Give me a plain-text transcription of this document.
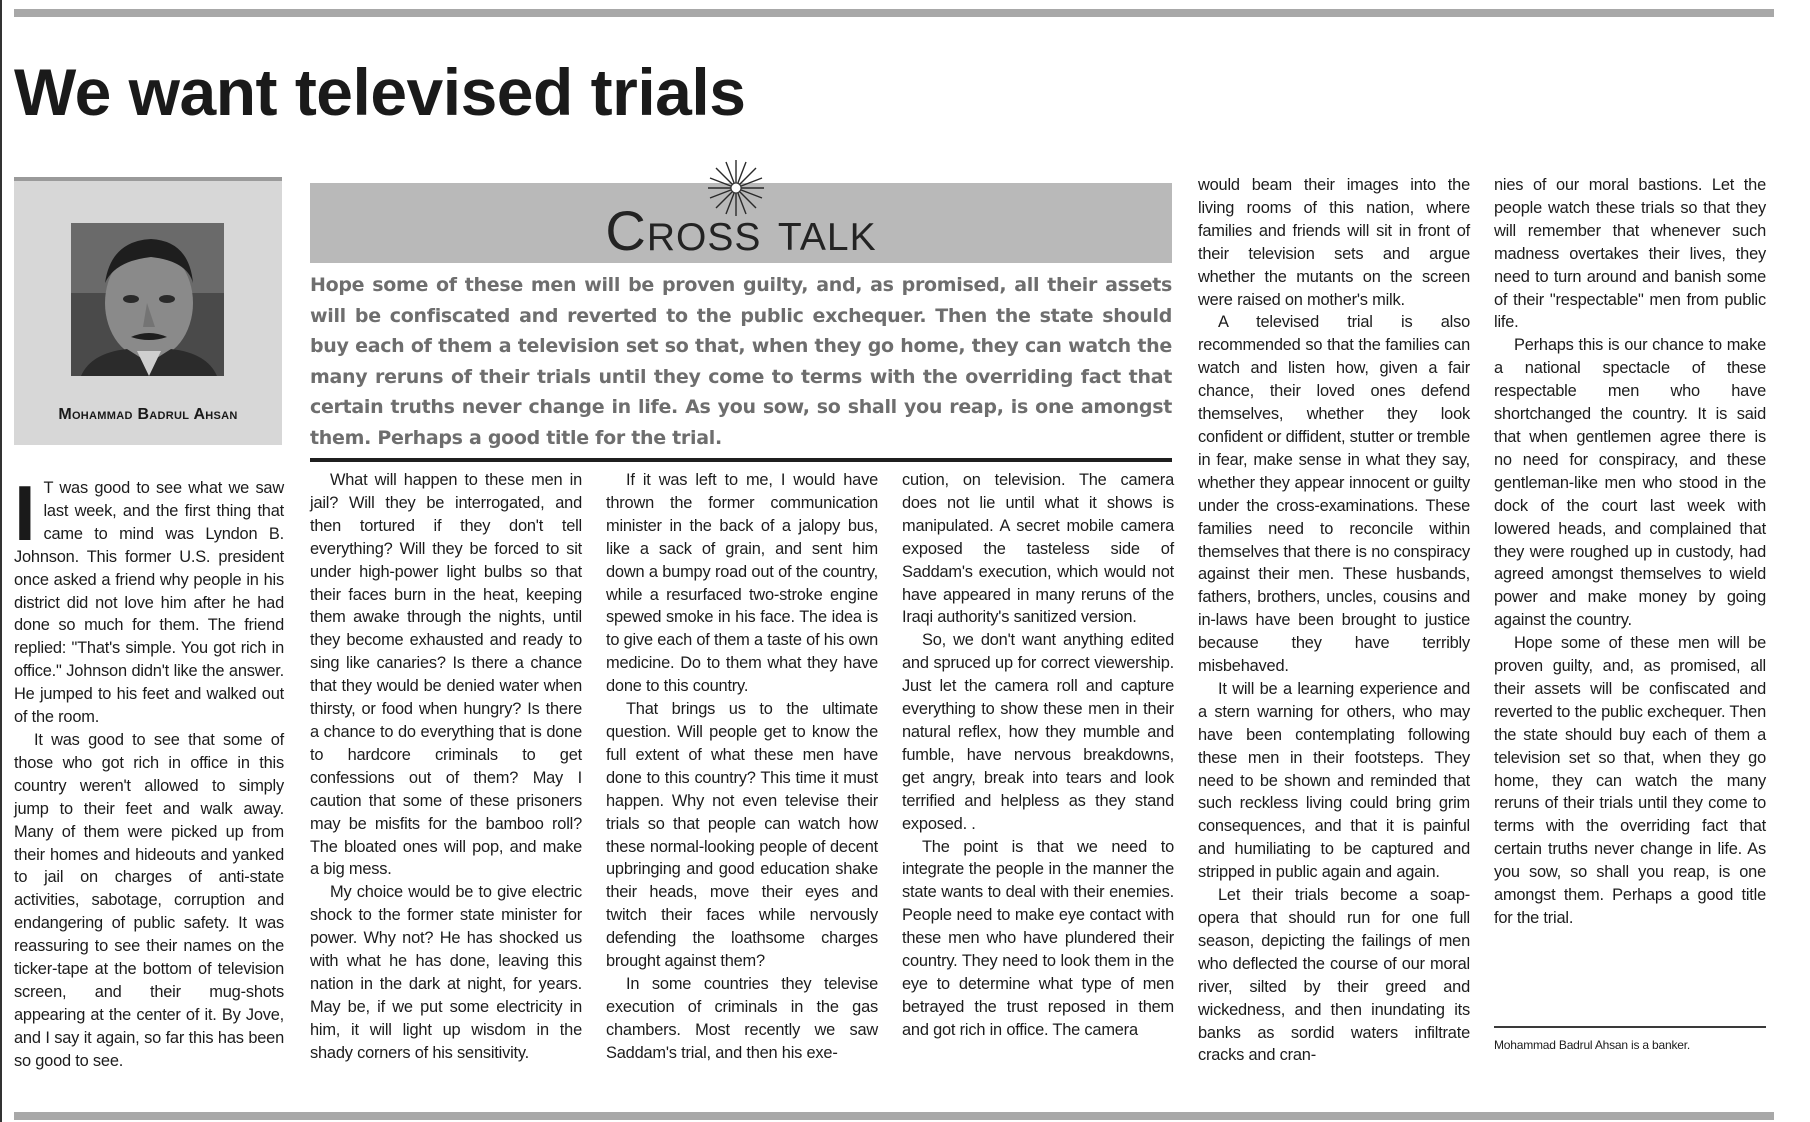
We want televised trials
Mohammad Badrul Ahsan
Cross talk

Hope some of these men will be proven guilty, and, as promised, all their assets will be confiscated and reverted to the public exchequer. Then the state should buy each of them a television set so that, when they go home, they can watch the many reruns of their trials until they come to terms with the overriding fact that certain truths never change in life. As you sow, so shall you reap, is one amongst them. Perhaps a good title for the trial.

I T was good to see what we saw last week, and the first thing that came to mind was Lyndon B. Johnson. This former U.S. president once asked a friend why people in his district did not love him after he had done so much for them. The friend replied: "That's simple. You got rich in office." Johnson didn't like the answer. He jumped to his feet and walked out of the room.

It was good to see that some of those who got rich in office in this country weren't allowed to simply jump to their feet and walk away. Many of them were picked up from their homes and hideouts and yanked to jail on charges of anti-state activities, sabotage, corruption and endangering of public safety. It was reassuring to see their names on the ticker-tape at the bottom of television screen, and their mug-shots appearing at the center of it. By Jove, and I say it again, so far this has been so good to see.

What will happen to these men in jail? Will they be interrogated, and then tortured if they don't tell everything? Will they be forced to sit under high-power light bulbs so that their faces burn in the heat, keeping them awake through the nights, until they become exhausted and ready to sing like canaries? Is there a chance that they would be denied water when thirsty, or food when hungry? Is there a chance to do everything that is done to hardcore criminals to get confessions out of them? May I caution that some of these prisoners may be misfits for the bamboo roll? The bloated ones will pop, and make a big mess.

My choice would be to give electric shock to the former state minister for power. Why not? He has shocked us with what he has done, leaving this nation in the dark at night, for years. May be, if we put some electricity in him, it will light up wisdom in the shady corners of his sensitivity.

If it was left to me, I would have thrown the former communication minister in the back of a jalopy bus, like a sack of grain, and sent him down a bumpy road out of the country, while a resurfaced two-stroke engine spewed smoke in his face. The idea is to give each of them a taste of his own medicine. Do to them what they have done to this country.

That brings us to the ultimate question. Will people get to know the full extent of what these men have done to this country? This time it must happen. Why not even televise their trials so that people can watch how these normal-looking people of decent upbringing and good education shake their heads, move their eyes and twitch their faces while nervously defending the loathsome charges brought against them?

In some countries they televise execution of criminals in the gas chambers. Most recently we saw Saddam's trial, and then his exe-

cution, on television. The camera does not lie until what it shows is manipulated. A secret mobile camera exposed the tasteless side of Saddam's execution, which would not have appeared in many reruns of the Iraqi authority's sanitized version.

So, we don't want anything edited and spruced up for correct viewership. Just let the camera roll and capture everything to show these men in their natural reflex, how they mumble and fumble, have nervous breakdowns, get angry, break into tears and look terrified and helpless as they stand exposed. .

The point is that we need to integrate the people in the manner the state wants to deal with their enemies. People need to make eye contact with these men who have plundered their country. They need to look them in the eye to determine what type of men betrayed the trust reposed in them and got rich in office. The camera

would beam their images into the living rooms of this nation, where families and friends will sit in front of their television sets and argue whether the mutants on the screen were raised on mother's milk.

A televised trial is also recommended so that the families can watch and listen how, given a fair chance, their loved ones defend themselves, whether they look confident or diffident, stutter or tremble in fear, make sense in what they say, whether they appear innocent or guilty under the cross-examinations. These families need to reconcile within themselves that there is no conspiracy against their men. These husbands, fathers, brothers, uncles, cousins and in-laws have been brought to justice because they have terribly misbehaved.

It will be a learning experience and a stern warning for others, who may have been contemplating following these men in their footsteps. They need to be shown and reminded that such reckless living could bring grim consequences, and that it is painful and humiliating to be captured and stripped in public again and again.

Let their trials become a soap-opera that should run for one full season, depicting the failings of men who deflected the course of our moral river, silted by their greed and wickedness, and then inundating its banks as sordid waters infiltrate cracks and cran-

nies of our moral bastions. Let the people watch these trials so that they will remember that whenever such madness overtakes their lives, they need to turn around and banish some of their "respectable" men from public life.

Perhaps this is our chance to make a national spectacle of these respectable men who have shortchanged the country. It is said that when gentlemen agree there is no need for conspiracy, and these gentleman-like men who stood in the dock of the court last week with lowered heads, and complained that they were roughed up in custody, had agreed amongst themselves to wield power and make money by going against the country.

Hope some of these men will be proven guilty, and, as promised, all their assets will be confiscated and reverted to the public exchequer. Then the state should buy each of them a television set so that, when they go home, they can watch the many reruns of their trials until they come to terms with the overriding fact that certain truths never change in life. As you sow, so shall you reap, is one amongst them. Perhaps a good title for the trial.

Mohammad Badrul Ahsan is a banker.
